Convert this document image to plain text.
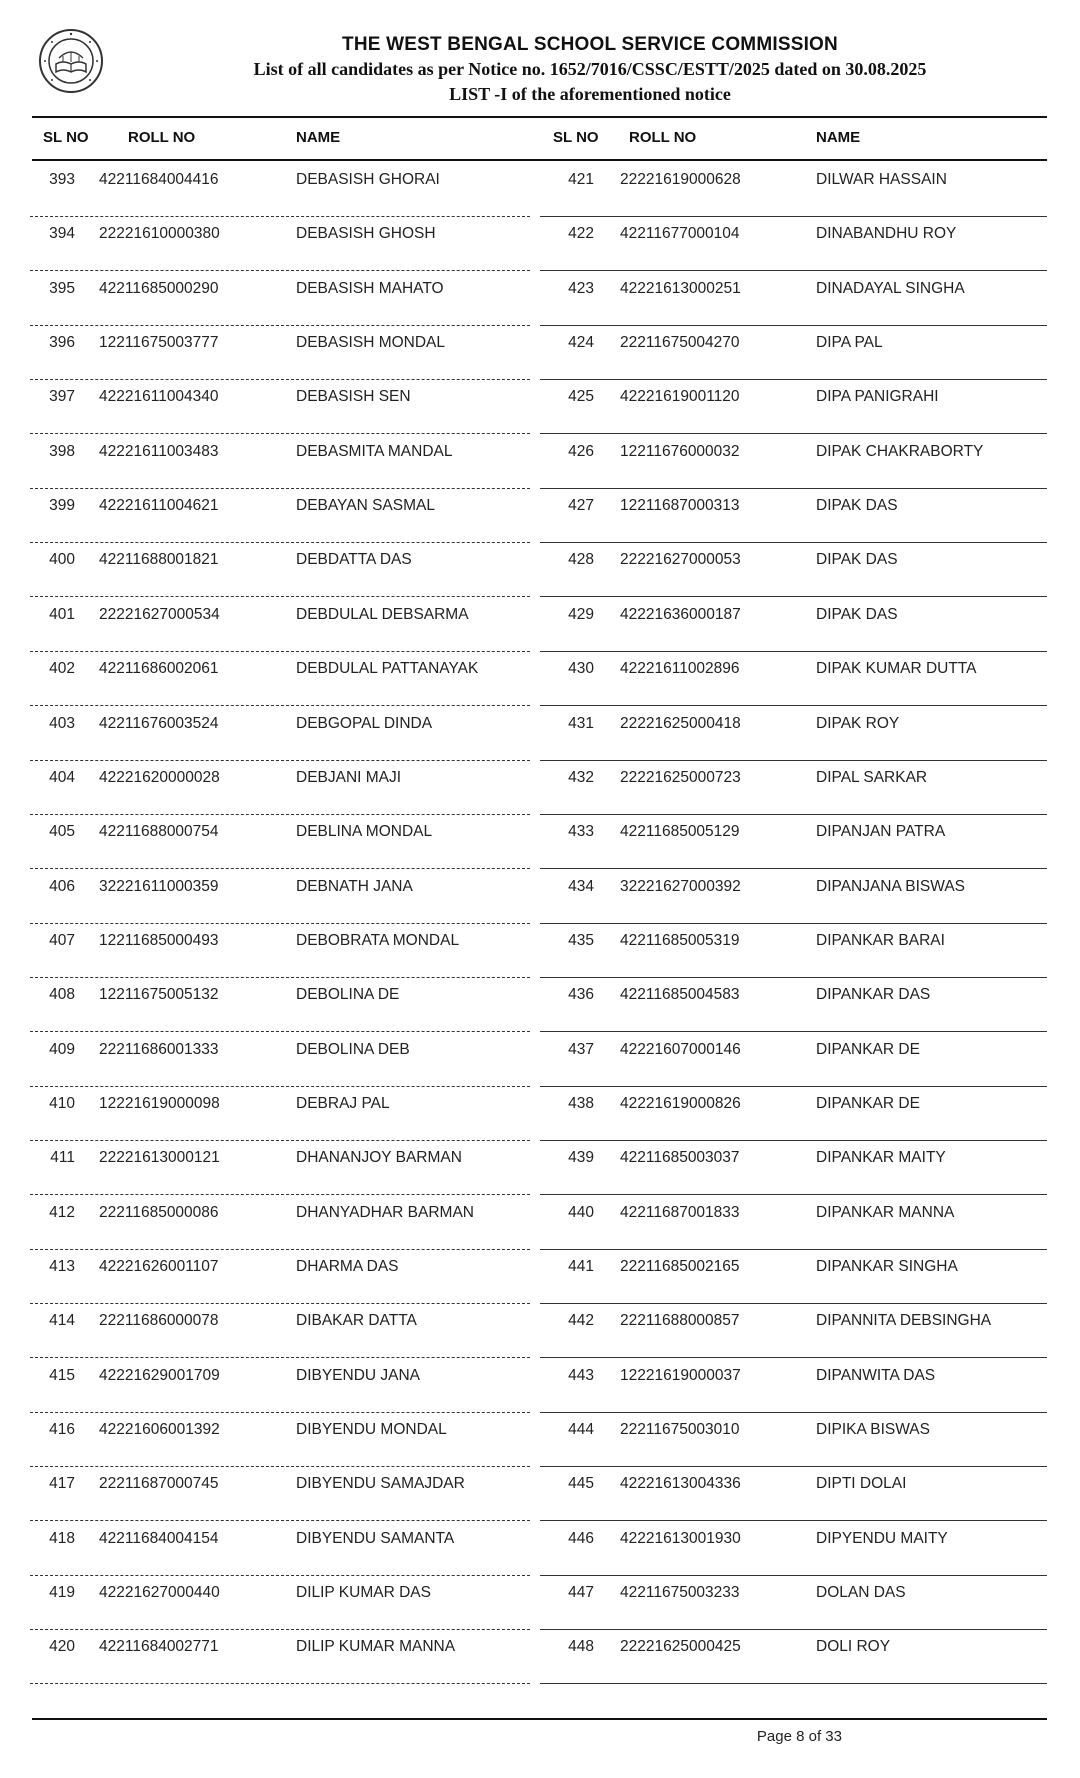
THE WEST BENGAL SCHOOL SERVICE COMMISSION
List of all candidates as per Notice no. 1652/7016/CSSC/ESTT/2025 dated on 30.08.2025
LIST -I of the aforementioned notice
SL NO	ROLL NO	NAME	SL NO ROLL NO	NAME
393 42211684004416	DEBASISH GHORAI	421 22221619000628	DILWAR HASSAIN
394 22221610000380	DEBASISH GHOSH	422 42211677000104	DINABANDHU ROY
395 42211685000290	DEBASISH MAHATO	423 42221613000251	DINADAYAL SINGHA
396 12211675003777	DEBASISH MONDAL	424 22211675004270	DIPA PAL
397 42221611004340	DEBASISH SEN	425 42221619001120	DIPA PANIGRAHI
398 42221611003483	DEBASMITA MANDAL	426 12211676000032	DIPAK CHAKRABORTY
399 42221611004621	DEBAYAN SASMAL	427 12211687000313	DIPAK DAS
400 42211688001821	DEBDATTA DAS	428 22221627000053	DIPAK DAS
401 22221627000534	DEBDULAL DEBSARMA	429 42221636000187	DIPAK DAS
402 42211686002061	DEBDULAL PATTANAYAK	430 42221611002896	DIPAK KUMAR DUTTA
403 42211676003524	DEBGOPAL DINDA	431 22221625000418	DIPAK ROY
404 42221620000028	DEBJANI MAJI	432 22221625000723	DIPAL SARKAR
405 42211688000754	DEBLINA MONDAL	433 42211685005129	DIPANJAN PATRA
406 32221611000359	DEBNATH JANA	434 32221627000392	DIPANJANA BISWAS
407 12211685000493	DEBOBRATA MONDAL	435 42211685005319	DIPANKAR BARAI
408 12211675005132	DEBOLINA DE	436 42211685004583	DIPANKAR DAS
409 22211686001333	DEBOLINA DEB	437 42221607000146	DIPANKAR DE
410 12221619000098	DEBRAJ PAL	438 42221619000826	DIPANKAR DE
411 22221613000121	DHANANJOY BARMAN	439 42211685003037	DIPANKAR MAITY
412 22211685000086	DHANYADHAR BARMAN	440 42211687001833	DIPANKAR MANNA
413 42221626001107	DHARMA DAS	441 22211685002165	DIPANKAR SINGHA
414 22211686000078	DIBAKAR DATTA	442 22211688000857	DIPANNITA DEBSINGHA
415 42221629001709	DIBYENDU JANA	443 12221619000037	DIPANWITA DAS
416 42221606001392	DIBYENDU MONDAL	444 22211675003010	DIPIKA BISWAS
417 22211687000745	DIBYENDU SAMAJDAR	445 42221613004336	DIPTI DOLAI
418 42211684004154	DIBYENDU SAMANTA	446 42221613001930	DIPYENDU MAITY
419 42221627000440	DILIP KUMAR DAS	447 42211675003233	DOLAN DAS
420 42211684002771	DILIP KUMAR MANNA	448 22221625000425	DOLI ROY
Page 8 of 33
